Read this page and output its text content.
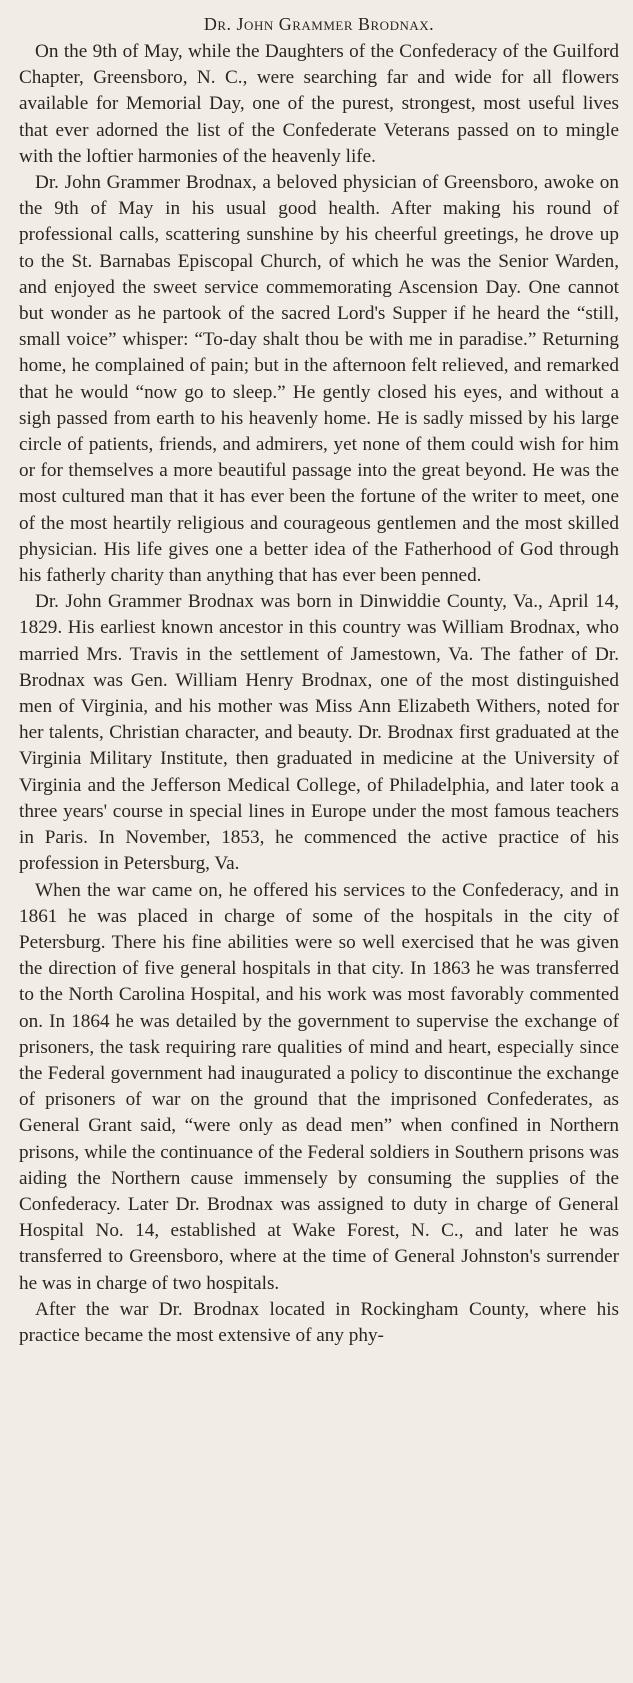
Dr. John Grammer Brodnax.

On the 9th of May, while the Daughters of the Confederacy of the Guilford Chapter, Greensboro, N. C., were searching far and wide for all flowers available for Memorial Day, one of the purest, strongest, most useful lives that ever adorned the list of the Confederate Veterans passed on to mingle with the loftier harmonies of the heavenly life.

Dr. John Grammer Brodnax, a beloved physician of Greensboro, awoke on the 9th of May in his usual good health. After making his round of professional calls, scattering sunshine by his cheerful greetings, he drove up to the St. Barnabas Episcopal Church, of which he was the Senior Warden, and enjoyed the sweet service commemorating Ascension Day. One cannot but wonder as he partook of the sacred Lord's Supper if he heard the “still, small voice” whisper: “To-day shalt thou be with me in paradise.” Returning home, he complained of pain; but in the afternoon felt relieved, and remarked that he would “now go to sleep.” He gently closed his eyes, and without a sigh passed from earth to his heavenly home. He is sadly missed by his large circle of patients, friends, and admirers, yet none of them could wish for him or for themselves a more beautiful passage into the great beyond. He was the most cultured man that it has ever been the fortune of the writer to meet, one of the most heartily religious and courageous gentlemen and the most skilled physician. His life gives one a better idea of the Fatherhood of God through his fatherly charity than anything that has ever been penned.

Dr. John Grammer Brodnax was born in Dinwiddie County, Va., April 14, 1829. His earliest known ancestor in this country was William Brodnax, who married Mrs. Travis in the settlement of Jamestown, Va. The father of Dr. Brodnax was Gen. William Henry Brodnax, one of the most distinguished men of Virginia, and his mother was Miss Ann Elizabeth Withers, noted for her talents, Christian character, and beauty. Dr. Brodnax first graduated at the Virginia Military Institute, then graduated in medicine at the University of Virginia and the Jefferson Medical College, of Philadelphia, and later took a three years' course in special lines in Europe under the most famous teachers in Paris. In November, 1853, he commenced the active practice of his profession in Petersburg, Va.

When the war came on, he offered his services to the Confederacy, and in 1861 he was placed in charge of some of the hospitals in the city of Petersburg. There his fine abilities were so well exercised that he was given the direction of five general hospitals in that city. In 1863 he was transferred to the North Carolina Hospital, and his work was most favorably commented on. In 1864 he was detailed by the government to supervise the exchange of prisoners, the task requiring rare qualities of mind and heart, especially since the Federal government had inaugurated a policy to discontinue the exchange of prisoners of war on the ground that the imprisoned Confederates, as General Grant said, “were only as dead men” when confined in Northern prisons, while the continuance of the Federal soldiers in Southern prisons was aiding the Northern cause immensely by consuming the supplies of the Confederacy. Later Dr. Brodnax was assigned to duty in charge of General Hospital No. 14, established at Wake Forest, N. C., and later he was transferred to Greensboro, where at the time of General Johnston's surrender he was in charge of two hospitals.

After the war Dr. Brodnax located in Rockingham County, where his practice became the most extensive of any phy-
